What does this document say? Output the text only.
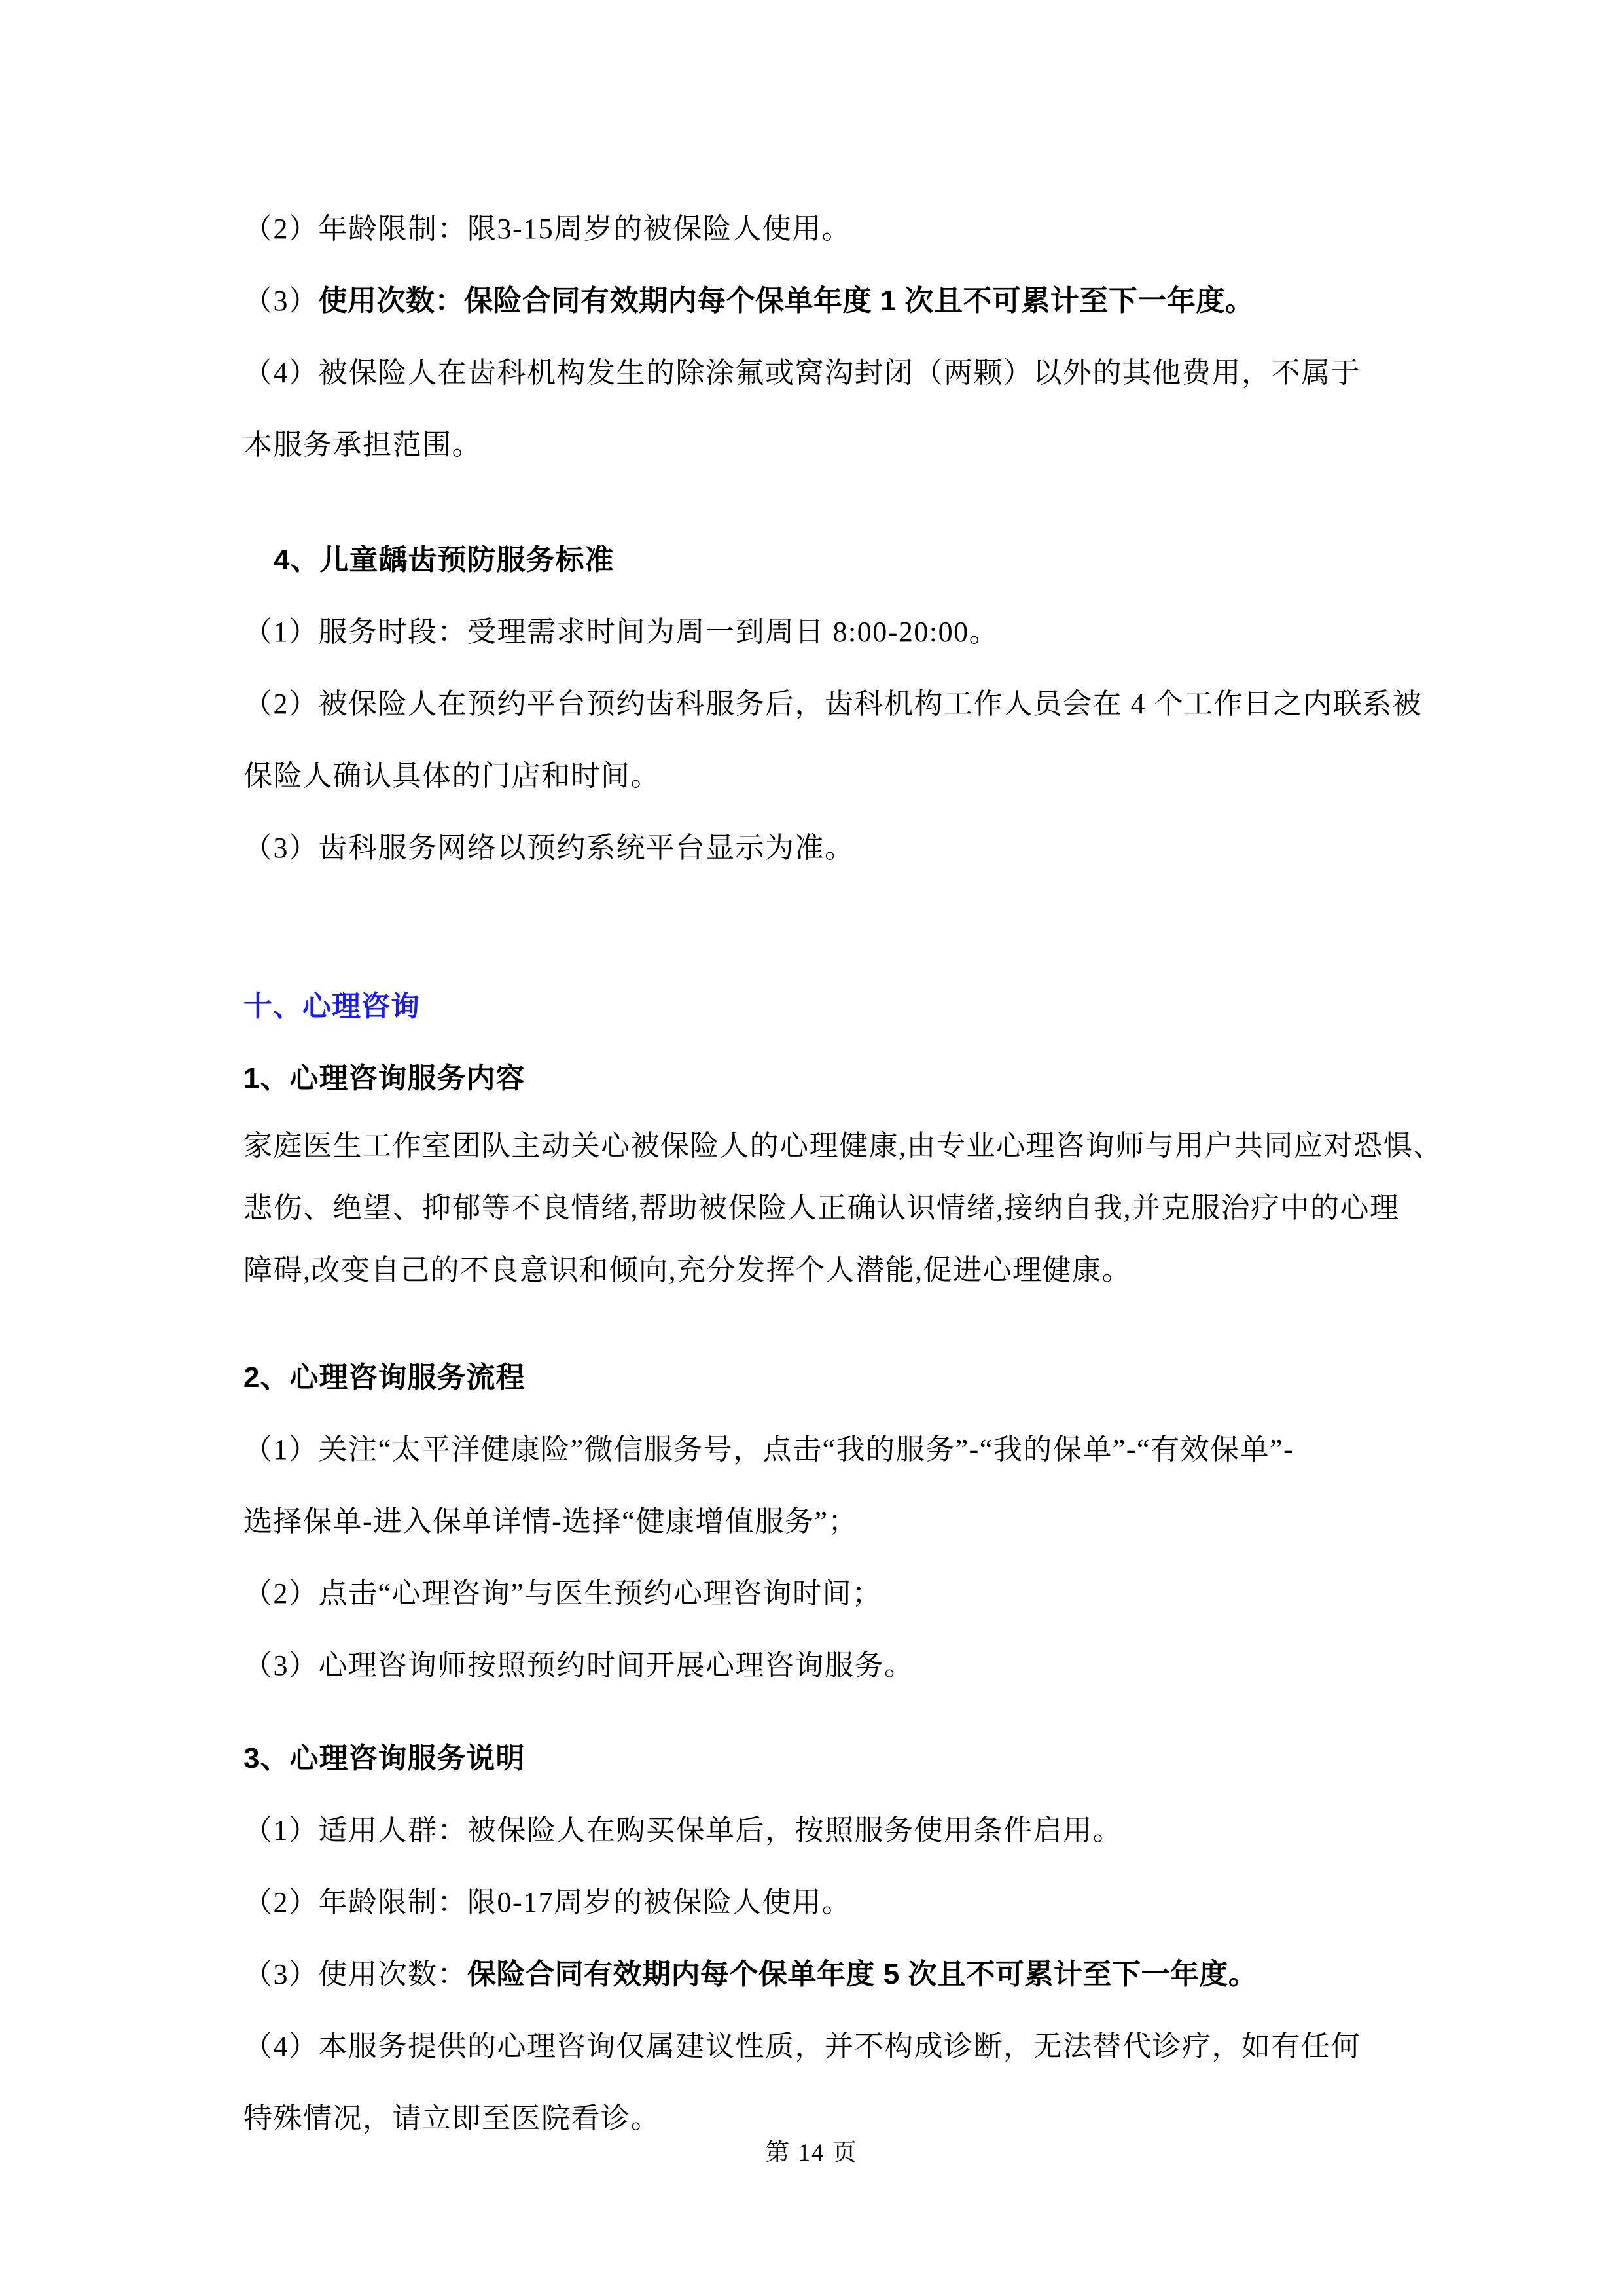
（2）年龄限制：限3-15周岁的被保险人使用。
（3）使用次数：保险合同有效期内每个保单年度 1 次且不可累计至下一年度。
（4）被保险人在齿科机构发生的除涂氟或窝沟封闭（两颗）以外的其他费用，不属于
本服务承担范围。
4、儿童龋齿预防服务标准
（1）服务时段：受理需求时间为周一到周日 8:00-20:00。
（2）被保险人在预约平台预约齿科服务后，齿科机构工作人员会在 4 个工作日之内联系被
保险人确认具体的门店和时间。
（3）齿科服务网络以预约系统平台显示为准。
十、心理咨询
1、心理咨询服务内容
家庭医生工作室团队主动关心被保险人的心理健康,由专业心理咨询师与用户共同应对恐惧、
悲伤、绝望、抑郁等不良情绪,帮助被保险人正确认识情绪,接纳自我,并克服治疗中的心理
障碍,改变自己的不良意识和倾向,充分发挥个人潜能,促进心理健康。
2、心理咨询服务流程
（1）关注“太平洋健康险”微信服务号，点击“我的服务”-“我的保单”-“有效保单”-
选择保单-进入保单详情-选择“健康增值服务”；
（2）点击“心理咨询”与医生预约心理咨询时间；
（3）心理咨询师按照预约时间开展心理咨询服务。
3、心理咨询服务说明
（1）适用人群：被保险人在购买保单后，按照服务使用条件启用。
（2）年龄限制：限0-17周岁的被保险人使用。
（3）使用次数：保险合同有效期内每个保单年度 5 次且不可累计至下一年度。
（4）本服务提供的心理咨询仅属建议性质，并不构成诊断，无法替代诊疗，如有任何
特殊情况，请立即至医院看诊。
第 14 页
